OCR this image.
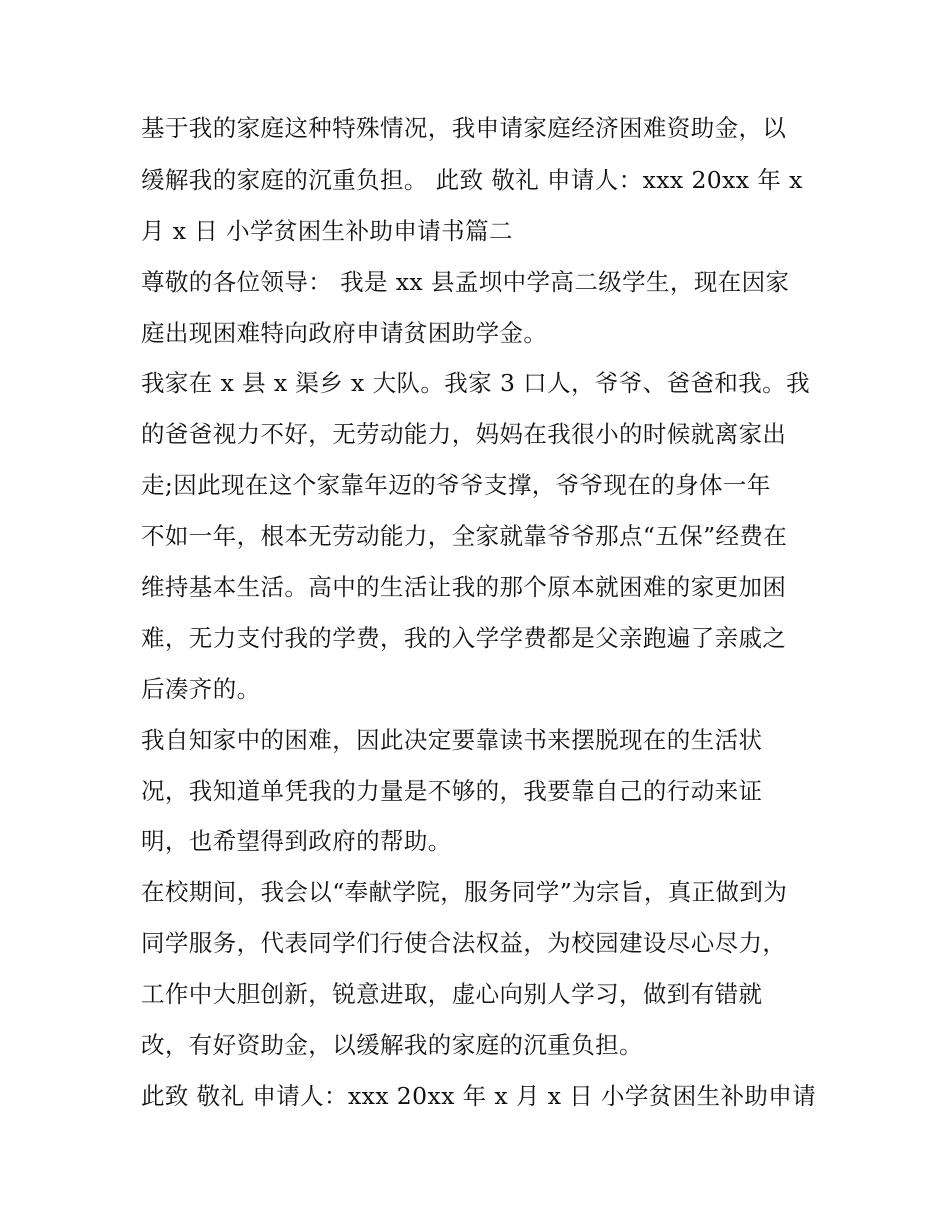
基于我的家庭这种特殊情况，我申请家庭经济困难资助金，以
缓解我的家庭的沉重负担。 此致 敬礼 申请人：xxx 20xx 年 x
月 x 日 小学贫困生补助申请书篇二
尊敬的各位领导： 我是 xx 县孟坝中学高二级学生，现在因家
庭出现困难特向政府申请贫困助学金。
我家在 x 县 x 渠乡 x 大队。我家 3 口人，爷爷、爸爸和我。我
的爸爸视力不好，无劳动能力，妈妈在我很小的时候就离家出
走;因此现在这个家靠年迈的爷爷支撑，爷爷现在的身体一年
不如一年，根本无劳动能力，全家就靠爷爷那点“五保”经费在
维持基本生活。高中的生活让我的那个原本就困难的家更加困
难，无力支付我的学费，我的入学学费都是父亲跑遍了亲戚之
后凑齐的。
我自知家中的困难，因此决定要靠读书来摆脱现在的生活状
况，我知道单凭我的力量是不够的，我要靠自己的行动来证
明，也希望得到政府的帮助。
在校期间，我会以“奉献学院，服务同学”为宗旨，真正做到为
同学服务，代表同学们行使合法权益，为校园建设尽心尽力，
工作中大胆创新，锐意进取，虚心向别人学习，做到有错就
改，有好资助金，以缓解我的家庭的沉重负担。
此致 敬礼 申请人：xxx 20xx 年 x 月 x 日 小学贫困生补助申请
